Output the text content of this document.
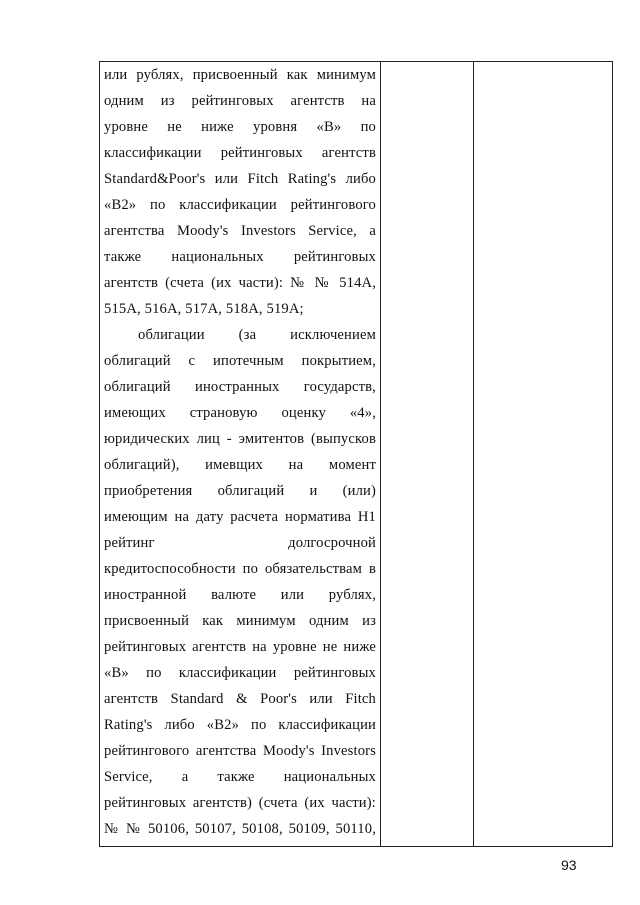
или рублях, присвоенный как минимум
одним из рейтинговых агентств на
уровне не ниже уровня «В» по
классификации рейтинговых агентств
Standard&Poor's или Fitch Rating's либо
«В2» по классификации рейтингового
агентства Moody's Investors Service, а
также национальных рейтинговых
агентств (счета (их части): № № 514А,
515А, 516А, 517А, 518А, 519А;
облигации (за исключением
облигаций с ипотечным покрытием,
облигаций иностранных государств,
имеющих страновую оценку «4»,
юридических лиц - эмитентов (выпусков
облигаций), имевщих на момент
приобретения облигаций и (или)
имеющим на дату расчета норматива Н1
рейтинг долгосрочной
кредитоспособности по обязательствам в
иностранной валюте или рублях,
присвоенный как минимум одним из
рейтинговых агентств на уровне не ниже
«В» по классификации рейтинговых
агентств Standard & Poor's или Fitch
Rating's либо «В2» по классификации
рейтингового агентства Moody's Investors
Service, а также национальных
рейтинговых агентств) (счета (их части):
№ № 50106, 50107, 50108, 50109, 50110,
93
